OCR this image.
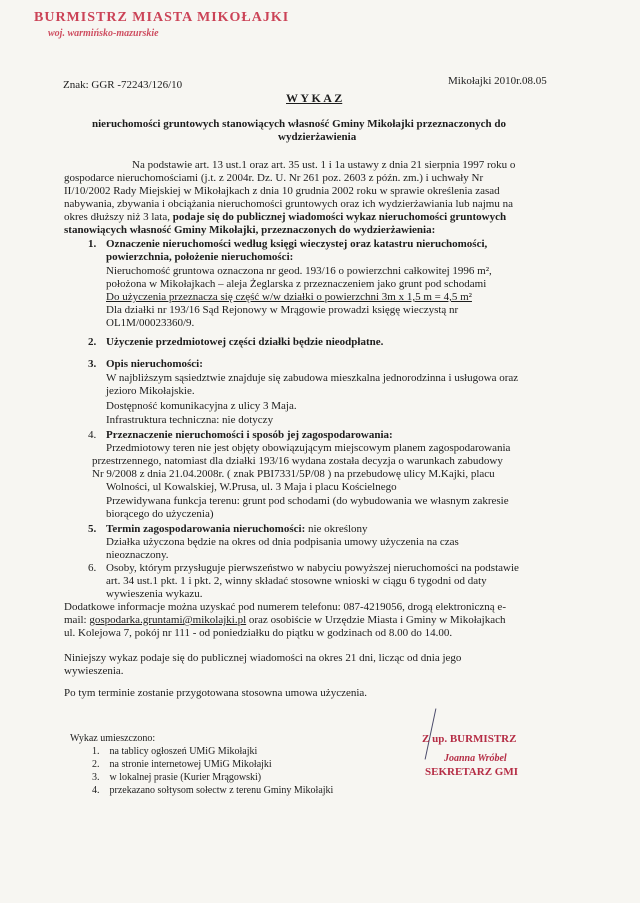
BURMISTRZ MIASTA MIKOŁAJKI
woj. warmińsko-mazurskie
Znak: GGR -72243/126/10	Mikołajki 2010r.08.05
W Y K A Z
nieruchomości gruntowych stanowiących własność Gminy Mikołajki przeznaczonych do
wydzierżawienia
Na podstawie art. 13 ust.1 oraz art. 35 ust. 1 i 1a ustawy z dnia 21 sierpnia 1997 roku o
gospodarce nieruchomościami (j.t. z 2004r. Dz. U. Nr 261 poz. 2603 z późn. zm.) i uchwały Nr
II/10/2002 Rady Miejskiej w Mikołajkach z dnia 10 grudnia 2002 roku w sprawie określenia zasad
nabywania, zbywania i obciążania nieruchomości gruntowych oraz ich wydzierżawiania lub najmu na
okres dłuższy niż 3 lata, podaje się do publicznej wiadomości wykaz nieruchomości gruntowych
stanowiących własność Gminy Mikołajki, przeznaczonych do wydzierżawienia:
1. Oznaczenie nieruchomości według księgi wieczystej oraz katastru nieruchomości,
powierzchnia, położenie nieruchomości:
Nieruchomość gruntowa oznaczona nr geod. 193/16 o powierzchni całkowitej 1996 m²,
położona w Mikołajkach – aleja Żeglarska z przeznaczeniem jako grunt pod schodami
Do użyczenia przeznacza się część w/w działki o powierzchni 3m x 1,5 m = 4,5 m²
Dla działki nr 193/16 Sąd Rejonowy w Mrągowie prowadzi księgę wieczystą nr
OL1M/00023360/9.
2. Użyczenie przedmiotowej części działki będzie nieodpłatne.
3. Opis nieruchomości:
W najbliższym sąsiedztwie znajduje się zabudowa mieszkalna jednorodzinna i usługowa oraz
jezioro Mikołajskie.
Dostępność komunikacyjna z ulicy 3 Maja.
Infrastruktura techniczna: nie dotyczy
4. Przeznaczenie nieruchomości i sposób jej zagospodarowania:
Przedmiotowy teren nie jest objęty obowiązującym miejscowym planem zagospodarowania
przestrzennego, natomiast dla działki 193/16 wydana została decyzja o warunkach zabudowy
Nr 9/2008 z dnia 21.04.2008r. ( znak PBI7331/5P/08 ) na przebudowę ulicy M.Kajki, placu
Wolności, ul Kowalskiej, W.Prusa, ul. 3 Maja i placu Kościelnego
Przewidywana funkcja terenu: grunt pod schodami (do wybudowania we własnym zakresie
biorącego do użyczenia)
5. Termin zagospodarowania nieruchomości: nie określony
Działka użyczona będzie na okres od dnia podpisania umowy użyczenia na czas
nieoznaczony.
6. Osoby, którym przysługuje pierwszeństwo w nabyciu powyższej nieruchomości na podstawie
art. 34 ust.1 pkt. 1 i pkt. 2, winny składać stosowne wnioski w ciągu 6 tygodni od daty
wywieszenia wykazu.
Dodatkowe informacje można uzyskać pod numerem telefonu: 087-4219056, drogą elektroniczną e-
mail: gospodarka.gruntami@mikolajki.pl oraz osobiście w Urzędzie Miasta i Gminy w Mikołajkach
ul. Kolejowa 7, pokój nr 111 - od poniedziałku do piątku w godzinach od 8.00 do 14.00.
Niniejszy wykaz podaje się do publicznej wiadomości na okres 21 dni, licząc od dnia jego
wywieszenia.
Po tym terminie zostanie przygotowana stosowna umowa użyczenia.
Wykaz umieszczono:
1.    na tablicy ogłoszeń UMiG Mikołajki
2.    na stronie internetowej UMiG Mikołajki
3.    w lokalnej prasie (Kurier Mrągowski)
4.    przekazano sołtysom sołectw z terenu Gminy Mikołajki
Z up. BURMISTRZ
Joanna Wróbel
SEKRETARZ GMI
